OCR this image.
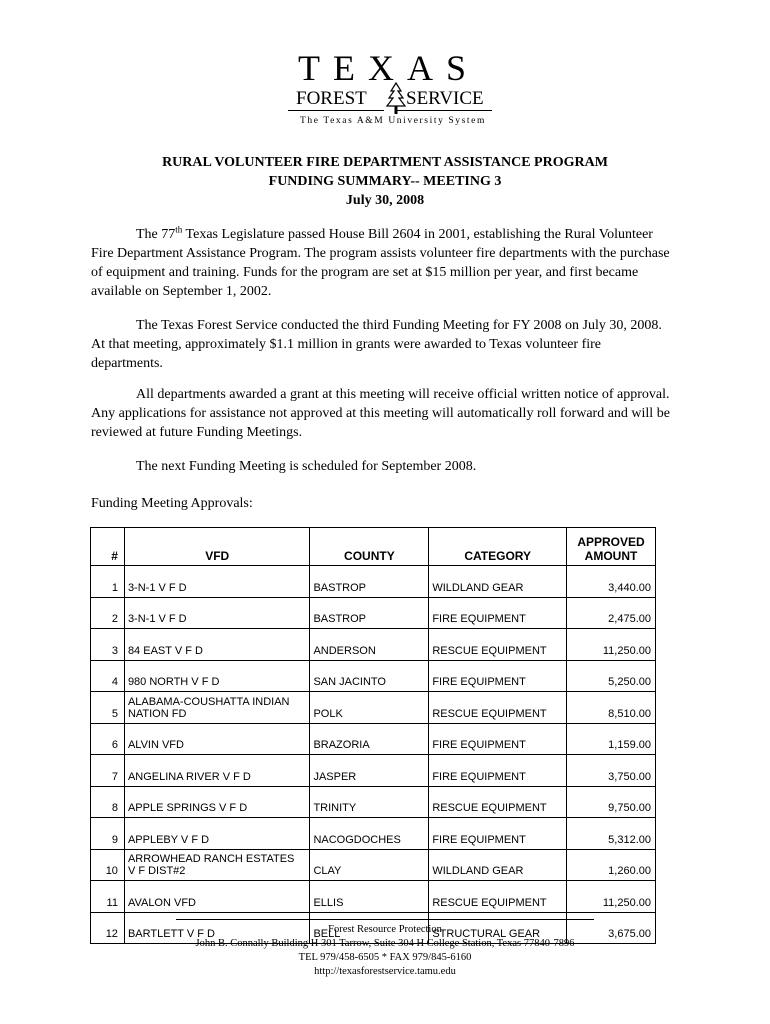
TEXAS
FOREST SERVICE
The Texas A&M University System
RURAL VOLUNTEER FIRE DEPARTMENT ASSISTANCE PROGRAM
FUNDING SUMMARY-- MEETING 3
July 30, 2008
The 77th Texas Legislature passed House Bill 2604 in 2001, establishing the Rural Volunteer Fire Department Assistance Program. The program assists volunteer fire departments with the purchase of equipment and training. Funds for the program are set at $15 million per year, and first became available on September 1, 2002.
The Texas Forest Service conducted the third Funding Meeting for FY 2008 on July 30, 2008. At that meeting, approximately $1.1 million in grants were awarded to Texas volunteer fire departments.
All departments awarded a grant at this meeting will receive official written notice of approval. Any applications for assistance not approved at this meeting will automatically roll forward and will be reviewed at future Funding Meetings.
The next Funding Meeting is scheduled for September 2008.
Funding Meeting Approvals:
#	VFD	COUNTY	CATEGORY	APPROVED
AMOUNT
1	3-N-1 V F D	BASTROP	WILDLAND GEAR	3,440.00
2	3-N-1 V F D	BASTROP	FIRE EQUIPMENT	2,475.00
3	84 EAST V F D	ANDERSON	RESCUE EQUIPMENT	11,250.00
4	980 NORTH V F D	SAN JACINTO	FIRE EQUIPMENT	5,250.00
5	ALABAMA-COUSHATTA INDIAN
NATION FD	POLK	RESCUE EQUIPMENT	8,510.00
6	ALVIN VFD	BRAZORIA	FIRE EQUIPMENT	1,159.00
7	ANGELINA RIVER V F D	JASPER	FIRE EQUIPMENT	3,750.00
8	APPLE SPRINGS V F D	TRINITY	RESCUE EQUIPMENT	9,750.00
9	APPLEBY V F D	NACOGDOCHES	FIRE EQUIPMENT	5,312.00
10	ARROWHEAD RANCH ESTATES
V F DIST#2	CLAY	WILDLAND GEAR	1,260.00
11	AVALON VFD	ELLIS	RESCUE EQUIPMENT	11,250.00
12	BARTLETT V F D	BELL	STRUCTURAL GEAR	3,675.00
Forest Resource Protection
John B. Connally Building H 301 Tarrow, Suite 304 H College Station, Texas 77840-7896
TEL 979/458-6505 * FAX 979/845-6160
http://texasforestservice.tamu.edu
